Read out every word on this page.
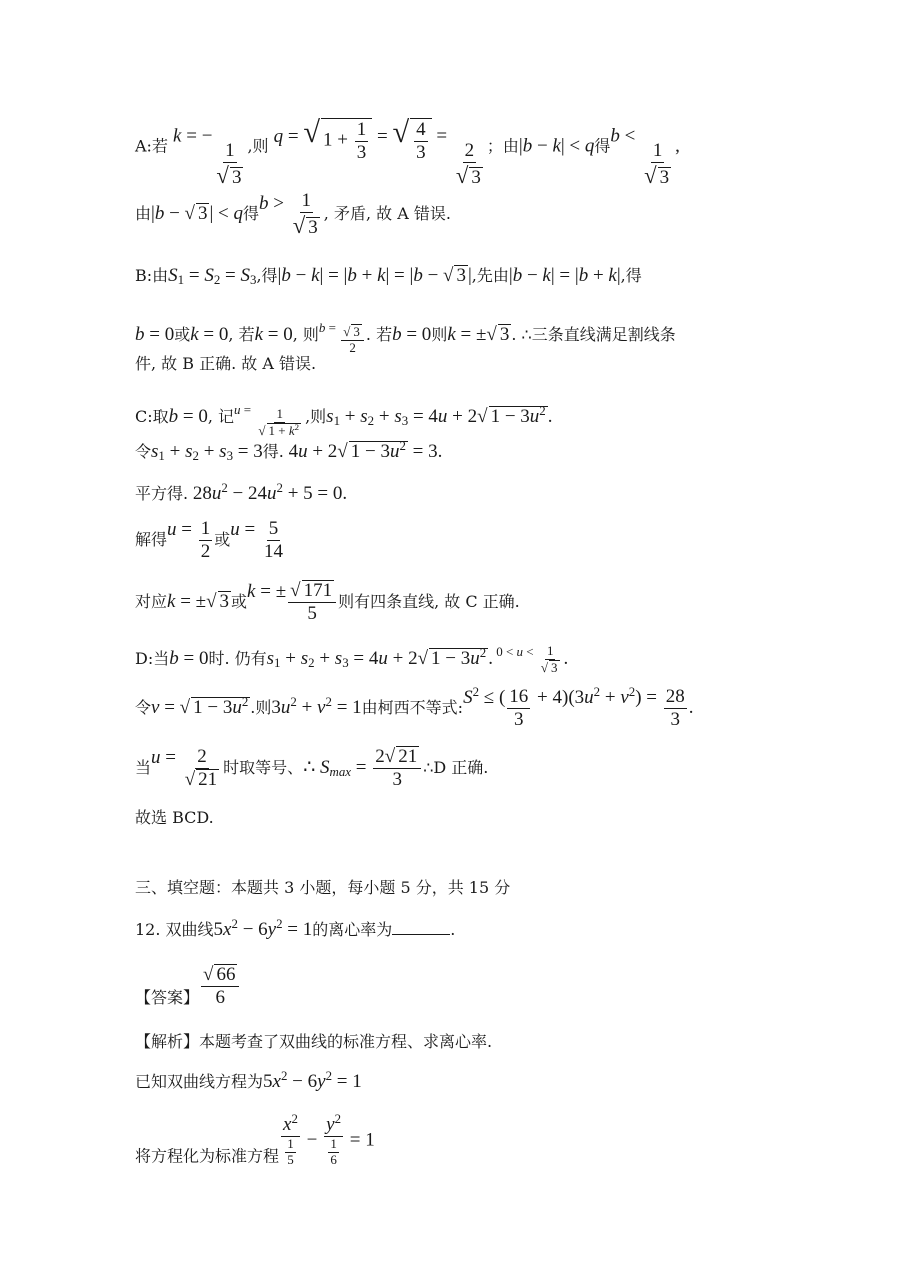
A:若 k = −
$\frac{1}{√ 3}$ ,则 q = √ $1 + \frac{1}{3}$ = √ $\frac{4}{3}$ =
$\frac{2}{√ 3}$ ；由|b − k| < q得b <
$\frac{1}{√ 3}$ ,
由|b − √ 3 | < q得$b > \frac{1}{√ 3}$ , 矛盾, 故 A 错误.
B:由$S_1 = S_2 = S_3$,得|b − k| = |b + k| = |b − √ 3 |,先由|b − k| = |b + k|,得
b = 0或k = 0, 若k = 0, 则$^{b =} \frac{√ 3}{2}$ . 若b = 0则k = ±√ 3 . ∴三条直线满足割线条
件, 故 B 正确. 故 A 错误.
C:取b = 0, 记$^{u =} \frac{1}{√ 1 + k^2}$ ,则$s_1 + s_2 + s_3 = 4u + 2√$ $1 - 3u^2$ .
令$s_1 + s_2 + s_3 = 3$得. 4u + 2√ $1 - 3u^2 = 3$.
平方得. $28u^2 - 24u^2 + 5 = 0$.
解得$u = \frac{1}{2}$ 或$u = \frac{5}{14}$
对应k = ±√ 3 或k = ± $\frac{√ 171}{5}$ 则有四条直线, 故 C 正确.
D:当b = 0时. 仍有$s_1 + s_2 + s_3 = 4u + 2√$ $1 - 3u^2$ . $^{0 < u <} \frac{1}{√ 3}$ .
令v = √ $1 - 3u^2$ .则$3u^2 + v^2 = 1$由柯西不等式$:S^2$ ≤ ( $\frac{16}{3} + 4)(3u^2 + v^2) = \frac{28}{3}$ .
当$u = \frac{2}{√ 21}$ 时取等号、∴ $S_{max} = \frac{2√ 21}{3}$ ∴D 正确.
故选 BCD.
三、填空题：本题共 3 小题，每小题 5 分，共 15 分
12. 双曲线$5x^2 - 6y^2 = 1$的离心率为	.
【答案】 $\frac{√ 66}{6}$
【解析】本题考查了双曲线的标准方程、求离心率.
已知双曲线方程为$5x^2 - 6y^2 = 1$
将方程化为标准方程 $\frac{x^2}{\frac{1}{5}} - \frac{y^2}{\frac{1}{6}} = 1$
